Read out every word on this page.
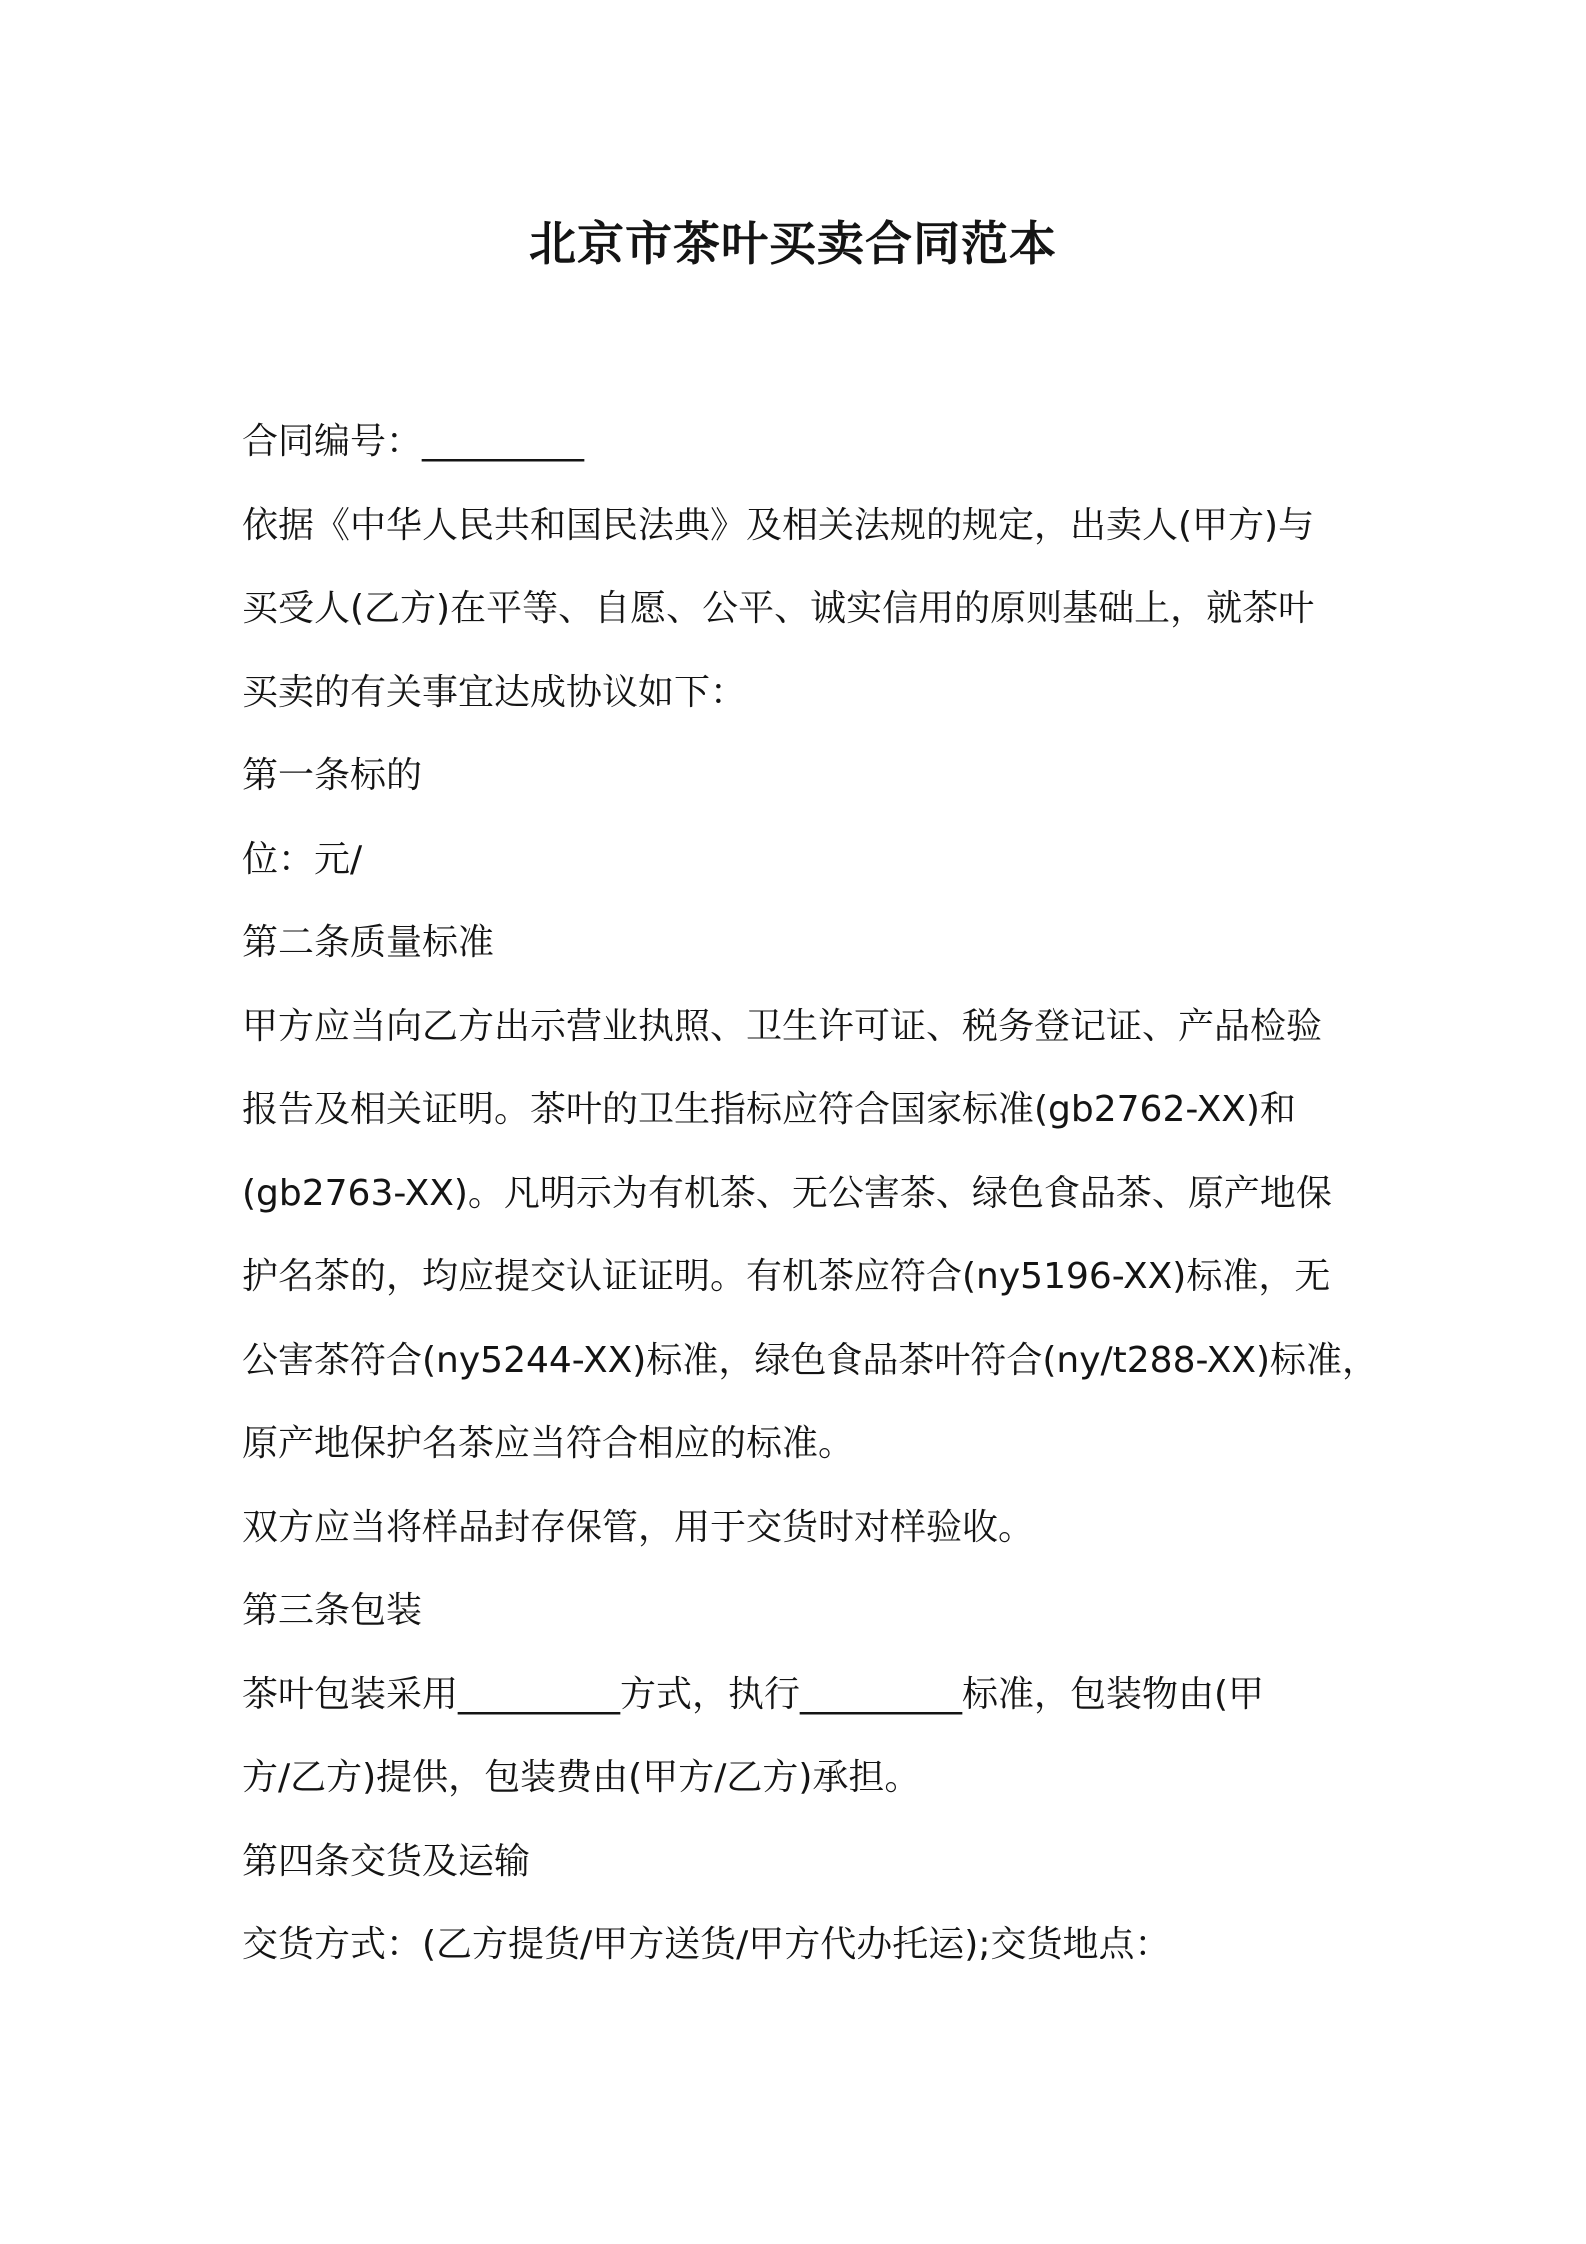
北京市茶叶买卖合同范本
合同编号：_________
依据《中华人民共和国民法典》及相关法规的规定，出卖人(甲方)与
买受人(乙方)在平等、自愿、公平、诚实信用的原则基础上，就茶叶
买卖的有关事宜达成协议如下：
第一条标的
位：元/
第二条质量标准
甲方应当向乙方出示营业执照、卫生许可证、税务登记证、产品检验
报告及相关证明。茶叶的卫生指标应符合国家标准(gb2762-XX)和
(gb2763-XX)。凡明示为有机茶、无公害茶、绿色食品茶、原产地保
护名茶的，均应提交认证证明。有机茶应符合(ny5196-XX)标准，无
公害茶符合(ny5244-XX)标准，绿色食品茶叶符合(ny/t288-XX)标准，
原产地保护名茶应当符合相应的标准。
双方应当将样品封存保管，用于交货时对样验收。
第三条包装
茶叶包装采用_________方式，执行_________标准，包装物由(甲
方/乙方)提供，包装费由(甲方/乙方)承担。
第四条交货及运输
交货方式：(乙方提货/甲方送货/甲方代办托运);交货地点：
